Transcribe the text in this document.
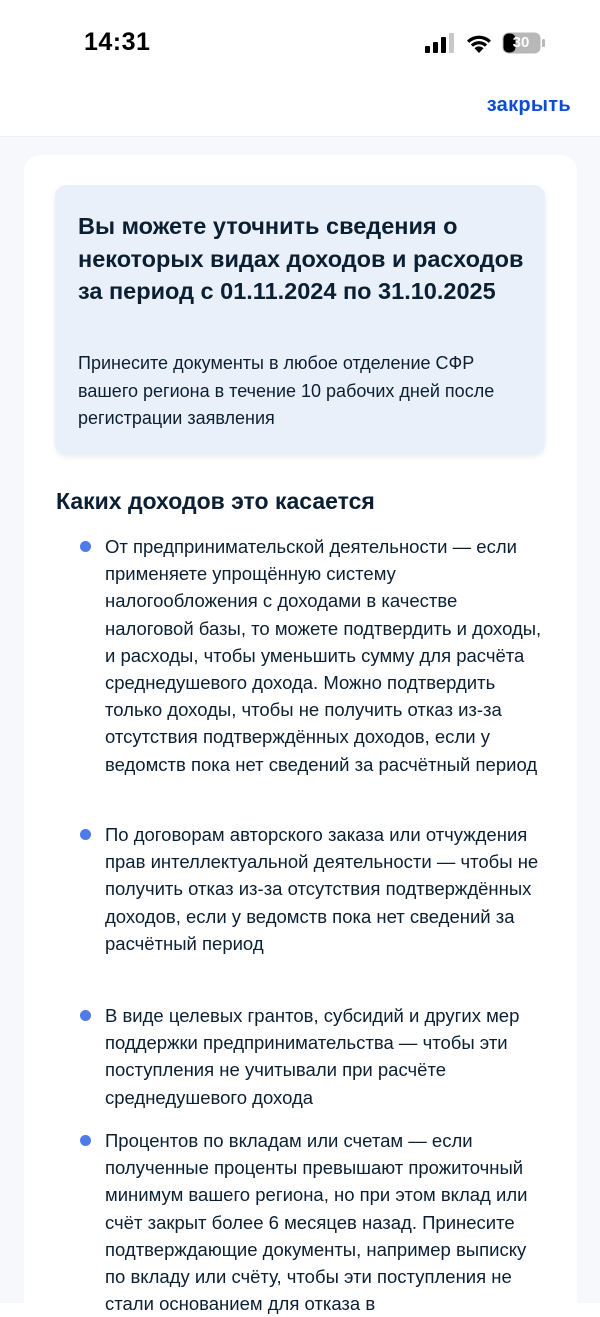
14:31	30
закрыть
Вы можете уточнить сведения о некоторых видах доходов и расходов за период с 01.11.2024 по 31.10.2025
Принесите документы в любое отделение СФР вашего региона в течение 10 рабочих дней после регистрации заявления
Каких доходов это касается
От предпринимательской деятельности — если применяете упрощённую систему налогообложения с доходами в качестве налоговой базы, то можете подтвердить и доходы, и расходы, чтобы уменьшить сумму для расчёта среднедушевого дохода. Можно подтвердить только доходы, чтобы не получить отказ из-за отсутствия подтверждённых доходов, если у ведомств пока нет сведений за расчётный период
По договорам авторского заказа или отчуждения прав интеллектуальной деятельности — чтобы не получить отказ из-за отсутствия подтверждённых доходов, если у ведомств пока нет сведений за расчётный период
В виде целевых грантов, субсидий и других мер поддержки предпринимательства — чтобы эти поступления не учитывали при расчёте среднедушевого дохода
Процентов по вкладам или счетам — если полученные проценты превышают прожиточный минимум вашего региона, но при этом вклад или счёт закрыт более 6 месяцев назад. Принесите подтверждающие документы, например выписку по вкладу или счёту, чтобы эти поступления не стали основанием для отказа в
